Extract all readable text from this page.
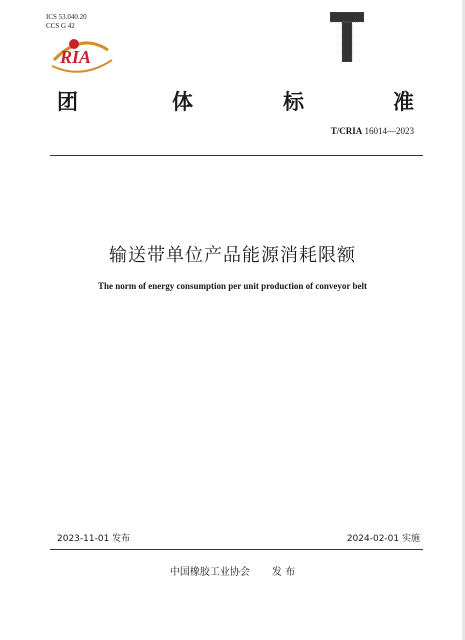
ICS 53.040.20
CCS G 42
RIA
团	体	标	准
T/CRIA 16014—2023
输送带单位产品能源消耗限额
The norm of energy consumption per unit production of conveyor belt
2023-11-01 发布	2024-02-01 实施
中国橡胶工业协会 发 布
